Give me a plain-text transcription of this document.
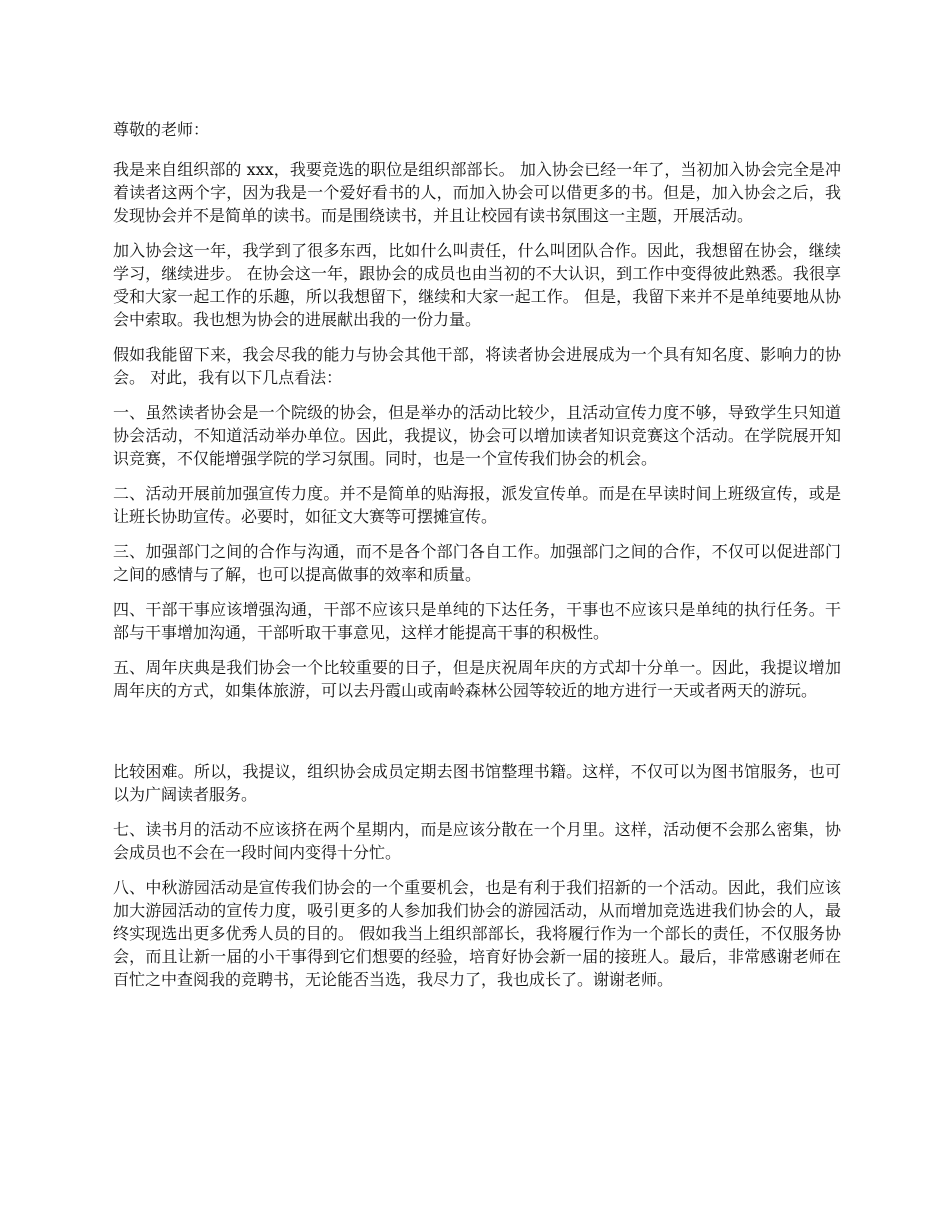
尊敬的老师：

我是来自组织部的 xxx，我要竞选的职位是组织部部长。 加入协会已经一年了，当初加入协会完全是冲着读者这两个字，因为我是一个爱好看书的人，而加入协会可以借更多的书。但是，加入协会之后，我发现协会并不是简单的读书。而是围绕读书，并且让校园有读书氛围这一主题，开展活动。

加入协会这一年，我学到了很多东西，比如什么叫责任，什么叫团队合作。因此，我想留在协会，继续学习，继续进步。 在协会这一年，跟协会的成员也由当初的不大认识，到工作中变得彼此熟悉。我很享受和大家一起工作的乐趣，所以我想留下，继续和大家一起工作。 但是，我留下来并不是单纯要地从协会中索取。我也想为协会的进展献出我的一份力量。

假如我能留下来，我会尽我的能力与协会其他干部，将读者协会进展成为一个具有知名度、影响力的协会。 对此，我有以下几点看法：

一、虽然读者协会是一个院级的协会，但是举办的活动比较少，且活动宣传力度不够，导致学生只知道协会活动，不知道活动举办单位。因此，我提议，协会可以增加读者知识竞赛这个活动。在学院展开知识竞赛，不仅能增强学院的学习氛围。同时，也是一个宣传我们协会的机会。

二、活动开展前加强宣传力度。并不是简单的贴海报，派发宣传单。而是在早读时间上班级宣传，或是让班长协助宣传。必要时，如征文大赛等可摆摊宣传。

三、加强部门之间的合作与沟通，而不是各个部门各自工作。加强部门之间的合作，不仅可以促进部门之间的感情与了解，也可以提高做事的效率和质量。

四、干部干事应该增强沟通，干部不应该只是单纯的下达任务，干事也不应该只是单纯的执行任务。干部与干事增加沟通，干部听取干事意见，这样才能提高干事的积极性。

五、周年庆典是我们协会一个比较重要的日子，但是庆祝周年庆的方式却十分单一。因此，我提议增加周年庆的方式，如集体旅游，可以去丹霞山或南岭森林公园等较近的地方进行一天或者两天的游玩。

比较困难。所以，我提议，组织协会成员定期去图书馆整理书籍。这样，不仅可以为图书馆服务，也可以为广阔读者服务。

七、读书月的活动不应该挤在两个星期内，而是应该分散在一个月里。这样，活动便不会那么密集，协会成员也不会在一段时间内变得十分忙。

八、中秋游园活动是宣传我们协会的一个重要机会，也是有利于我们招新的一个活动。因此，我们应该加大游园活动的宣传力度，吸引更多的人参加我们协会的游园活动，从而增加竞选进我们协会的人，最终实现选出更多优秀人员的目的。 假如我当上组织部部长，我将履行作为一个部长的责任，不仅服务协会，而且让新一届的小干事得到它们想要的经验，培育好协会新一届的接班人。最后，非常感谢老师在百忙之中查阅我的竞聘书，无论能否当选，我尽力了，我也成长了。谢谢老师。
